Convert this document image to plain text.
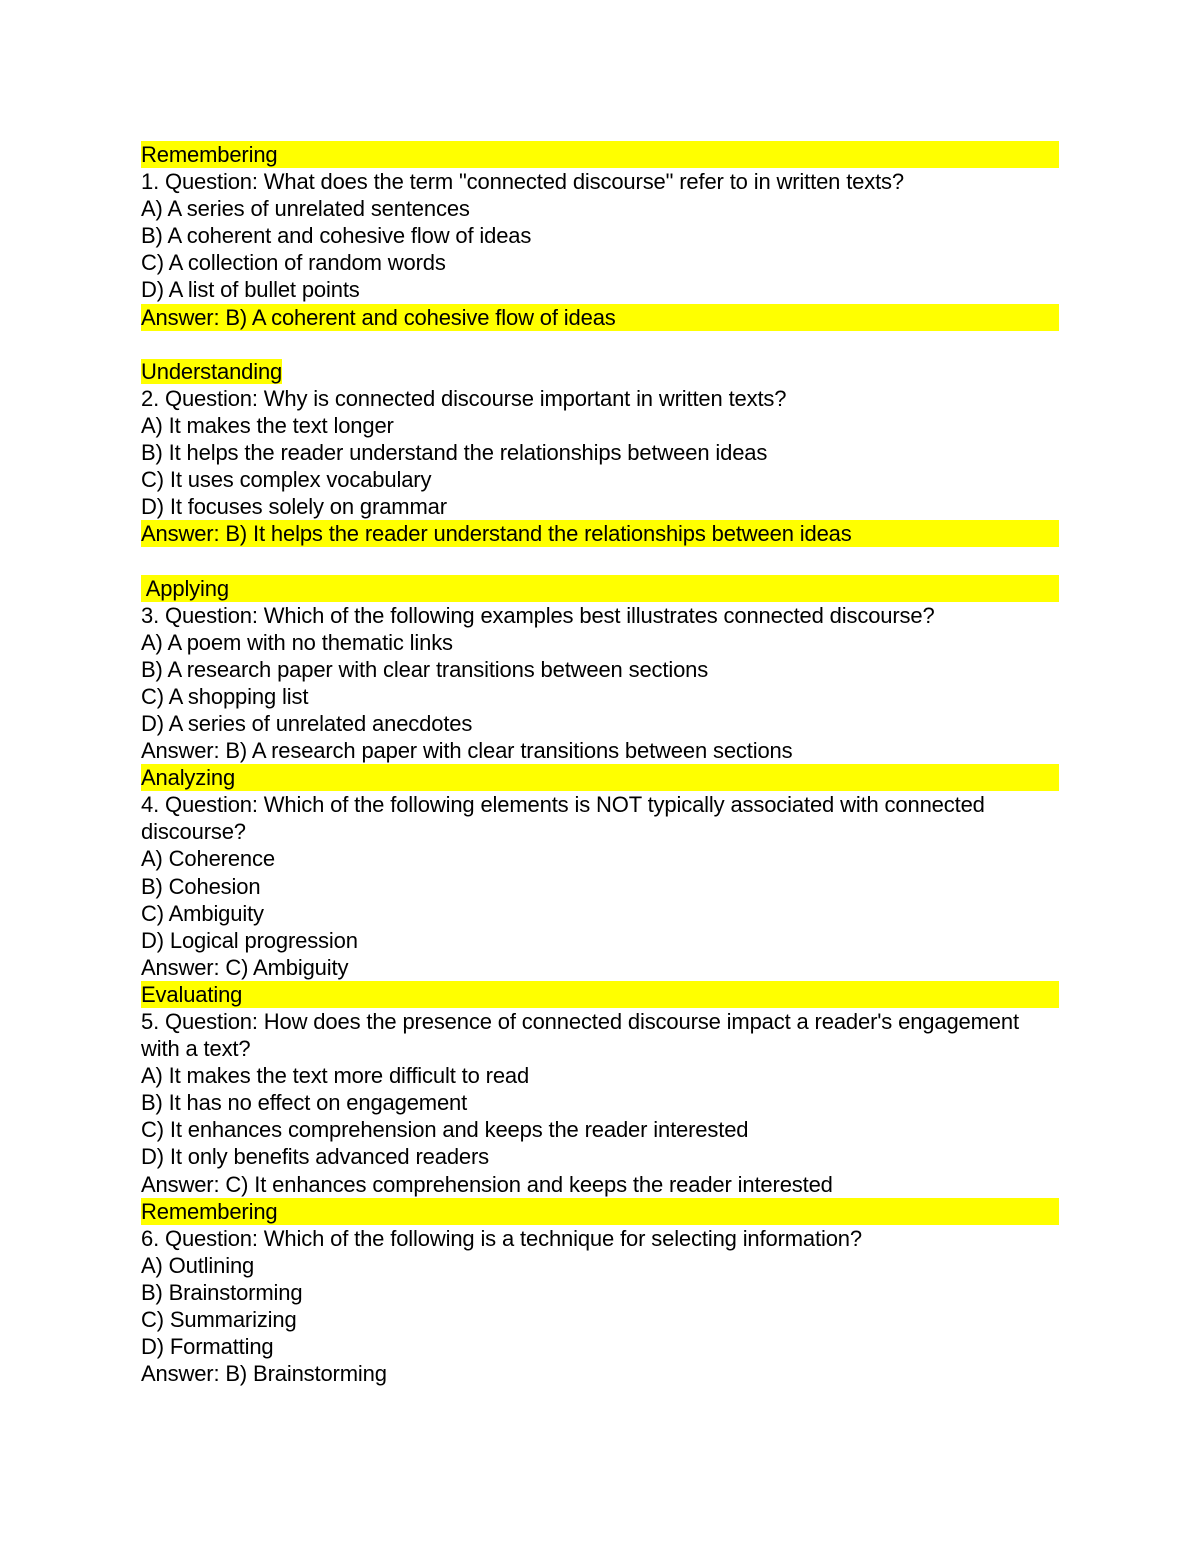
Remembering
1. Question: What does the term "connected discourse" refer to in written texts?
A) A series of unrelated sentences
B) A coherent and cohesive flow of ideas
C) A collection of random words
D) A list of bullet points
Answer: B) A coherent and cohesive flow of ideas
Understanding
2. Question: Why is connected discourse important in written texts?
A) It makes the text longer
B) It helps the reader understand the relationships between ideas
C) It uses complex vocabulary
D) It focuses solely on grammar
Answer: B) It helps the reader understand the relationships between ideas
Applying
3. Question: Which of the following examples best illustrates connected discourse?
A) A poem with no thematic links
B) A research paper with clear transitions between sections
C) A shopping list
D) A series of unrelated anecdotes
Answer: B) A research paper with clear transitions between sections
Analyzing
4. Question: Which of the following elements is NOT typically associated with connected discourse?
A) Coherence
B) Cohesion
C) Ambiguity
D) Logical progression
Answer: C) Ambiguity
Evaluating
5. Question: How does the presence of connected discourse impact a reader's engagement with a text?
A) It makes the text more difficult to read
B) It has no effect on engagement
C) It enhances comprehension and keeps the reader interested
D) It only benefits advanced readers
Answer: C) It enhances comprehension and keeps the reader interested
Remembering
6. Question: Which of the following is a technique for selecting information?
A) Outlining
B) Brainstorming
C) Summarizing
D) Formatting
Answer: B) Brainstorming
